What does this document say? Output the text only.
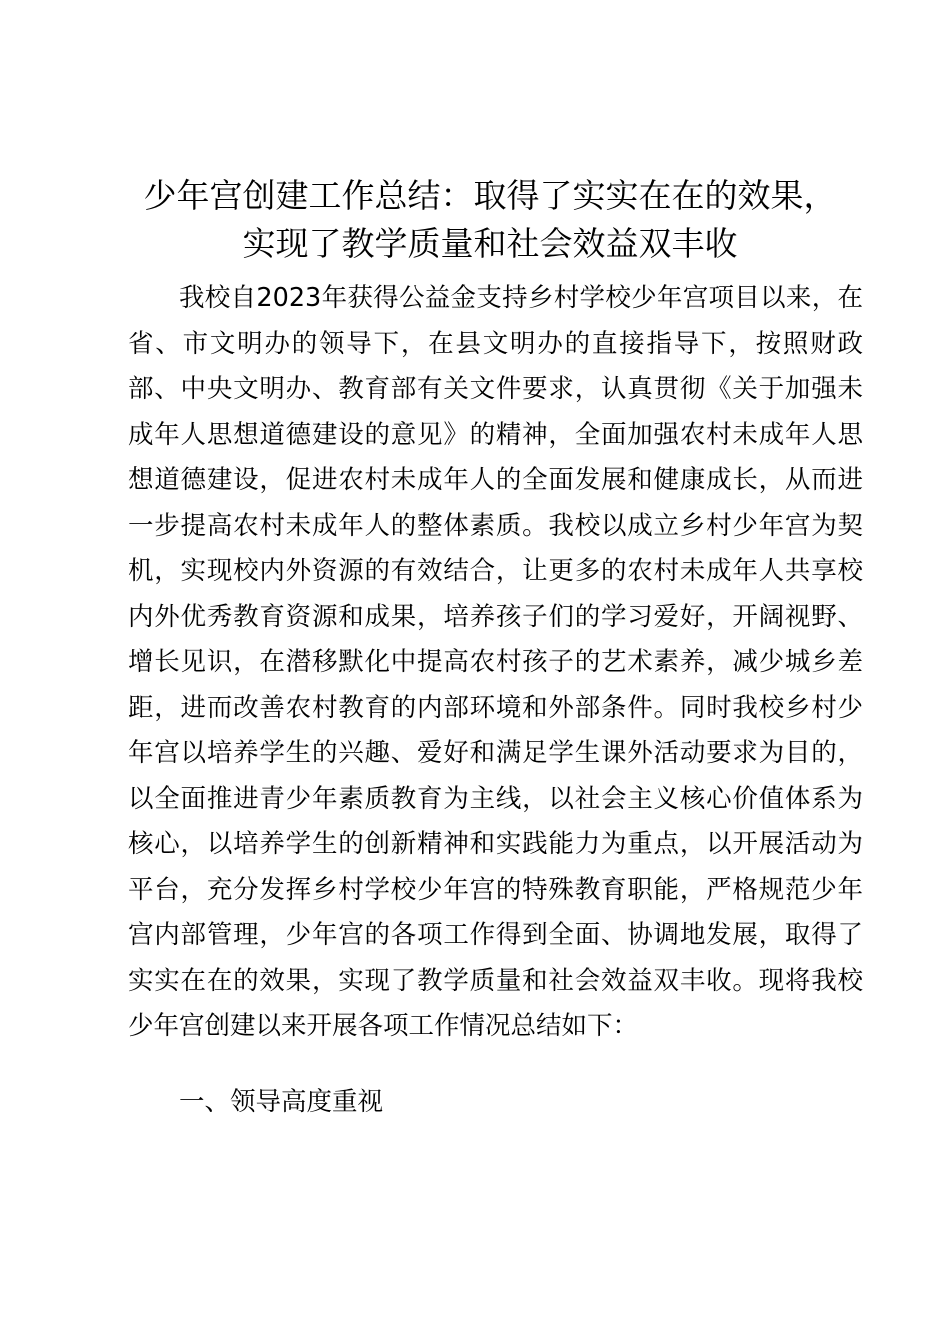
少年宫创建工作总结：取得了实实在在的效果，
实现了教学质量和社会效益双丰收

我校自2023年获得公益金支持乡村学校少年宫项目以来，在省、市文明办的领导下，在县文明办的直接指导下，按照财政部、中央文明办、教育部有关文件要求，认真贯彻《关于加强未成年人思想道德建设的意见》的精神，全面加强农村未成年人思想道德建设，促进农村未成年人的全面发展和健康成长，从而进一步提高农村未成年人的整体素质。我校以成立乡村少年宫为契机，实现校内外资源的有效结合，让更多的农村未成年人共享校内外优秀教育资源和成果，培养孩子们的学习爱好，开阔视野、增长见识，在潜移默化中提高农村孩子的艺术素养，减少城乡差距，进而改善农村教育的内部环境和外部条件。同时我校乡村少年宫以培养学生的兴趣、爱好和满足学生课外活动要求为目的，以全面推进青少年素质教育为主线，以社会主义核心价值体系为核心，以培养学生的创新精神和实践能力为重点，以开展活动为平台，充分发挥乡村学校少年宫的特殊教育职能，严格规范少年宫内部管理，少年宫的各项工作得到全面、协调地发展，取得了实实在在的效果，实现了教学质量和社会效益双丰收。现将我校少年宫创建以来开展各项工作情况总结如下：

一、领导高度重视
